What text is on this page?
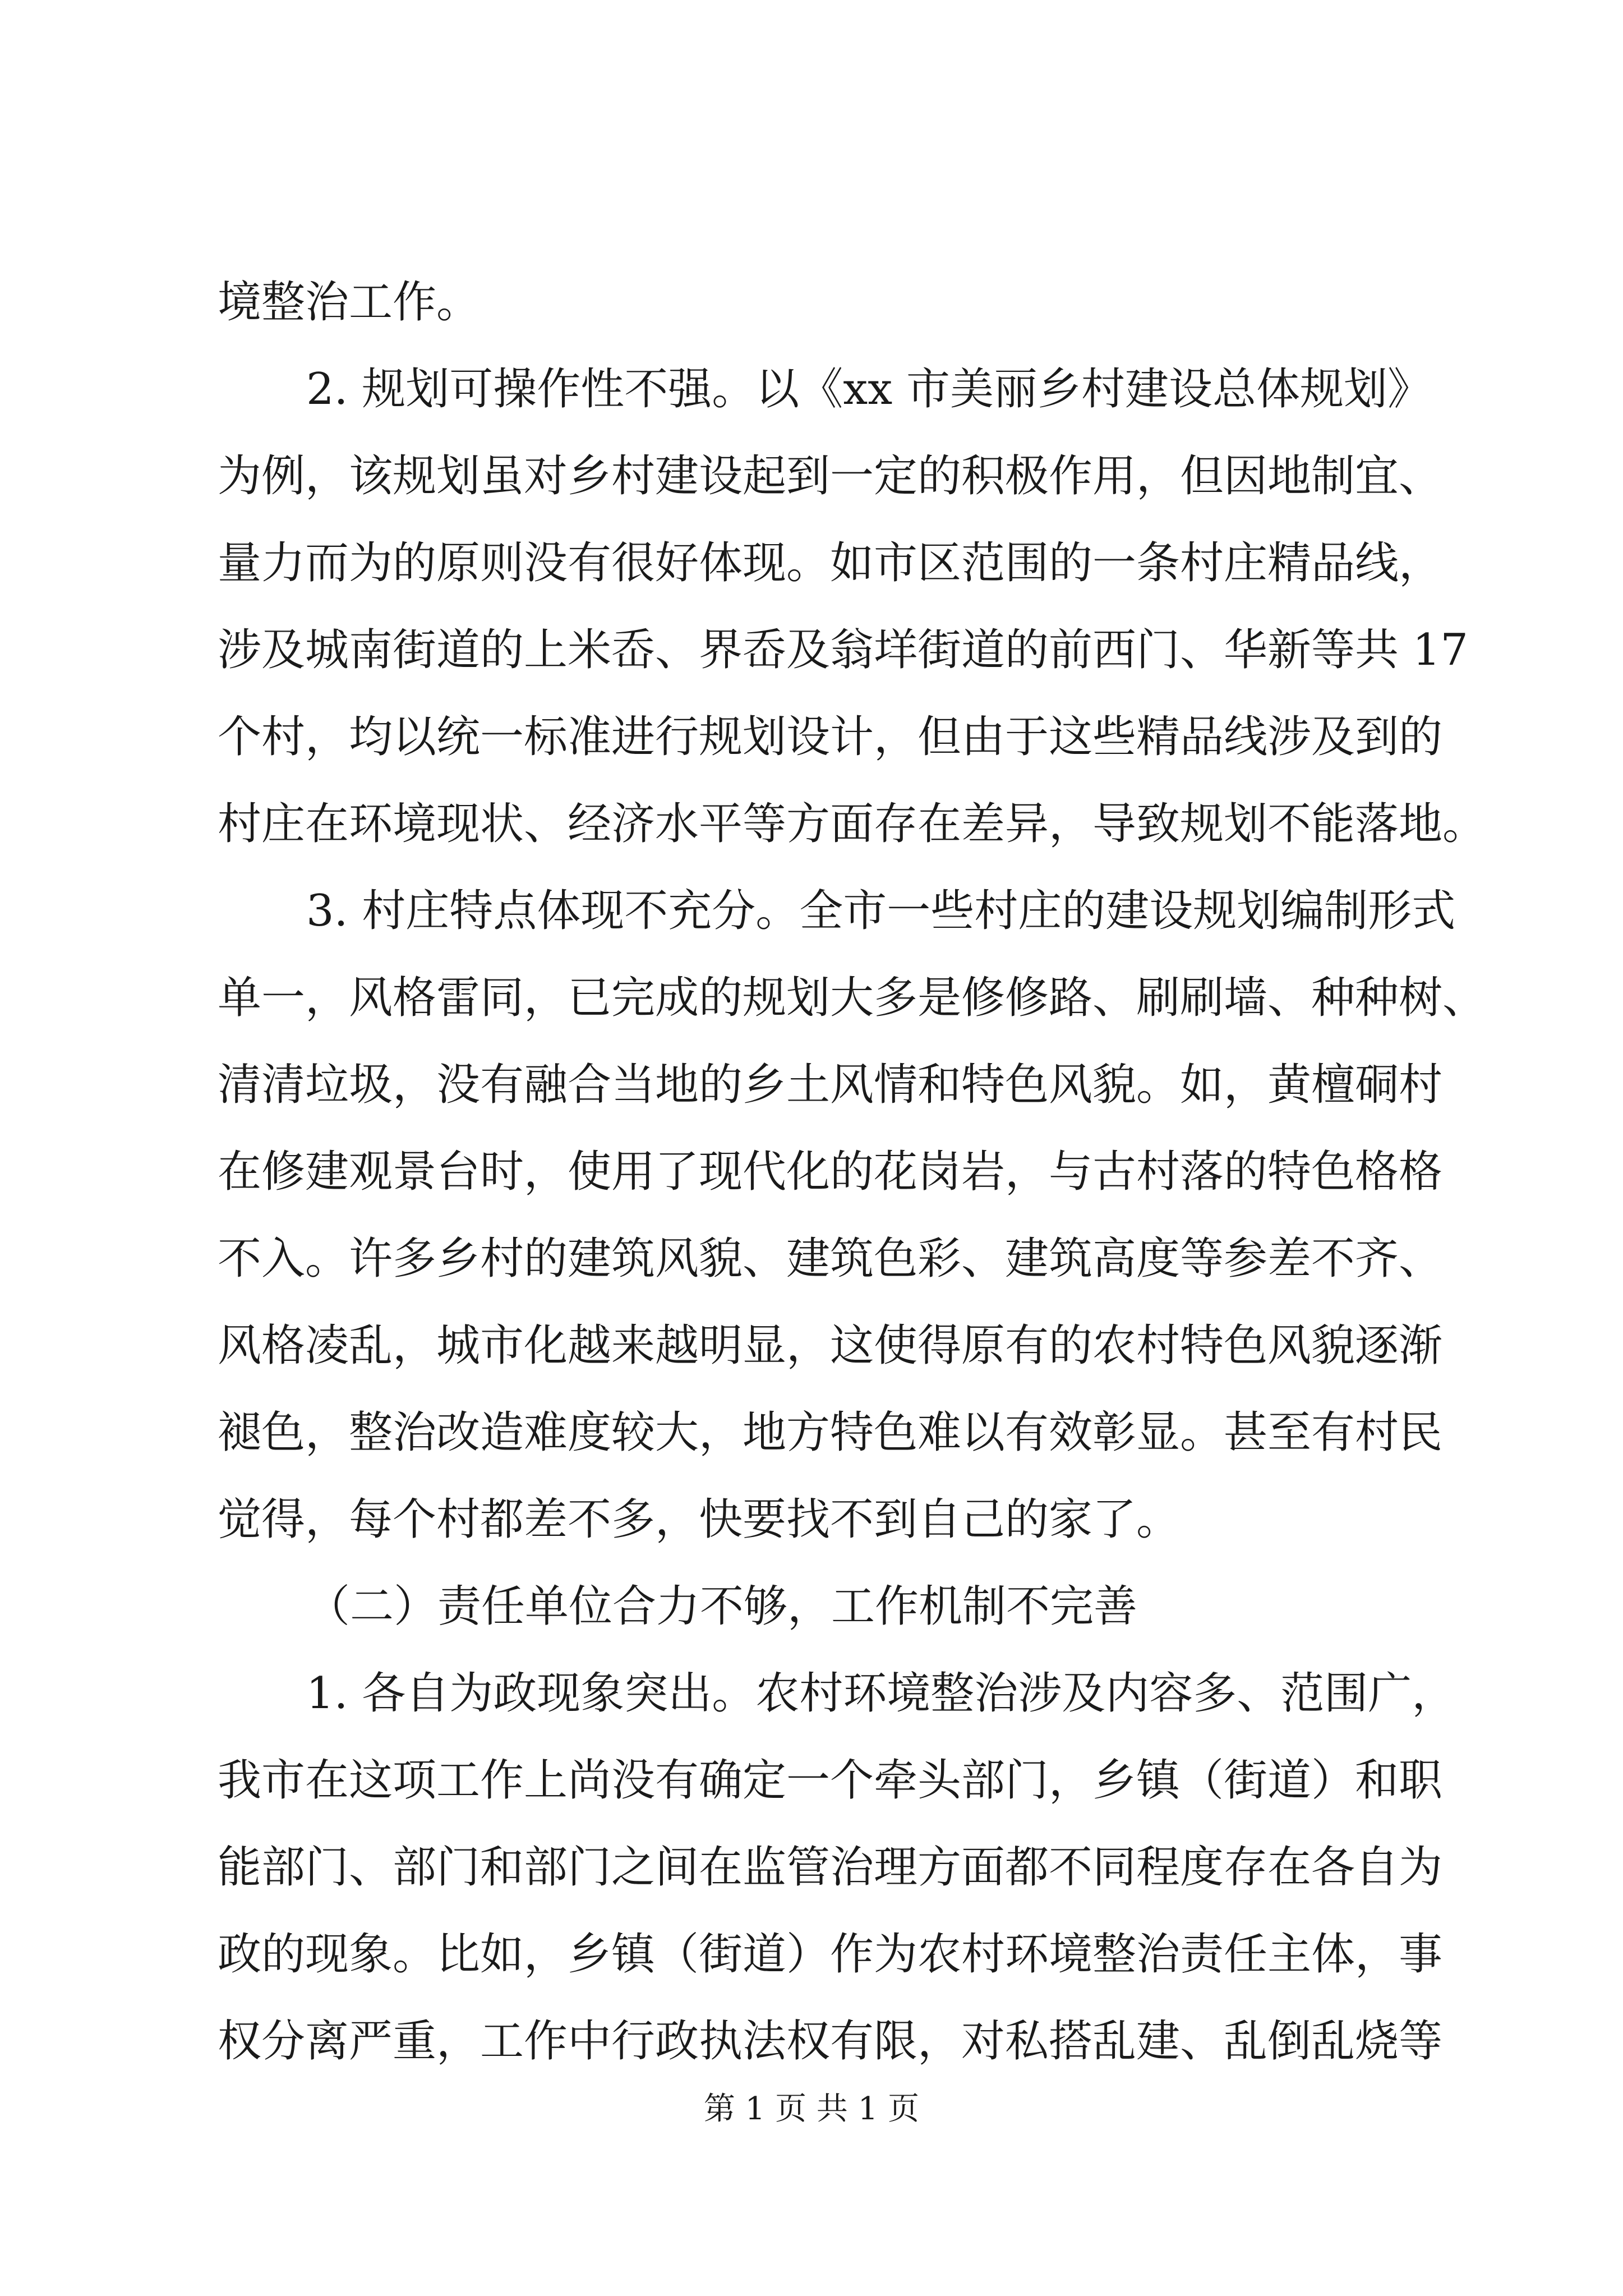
境整治工作。
2. 规划可操作性不强。以《xx 市美丽乡村建设总体规划》
为例，该规划虽对乡村建设起到一定的积极作用，但因地制宜、
量力而为的原则没有很好体现。如市区范围的一条村庄精品线，
涉及城南街道的上米岙、界岙及翁垟街道的前西门、华新等共 17
个村，均以统一标准进行规划设计，但由于这些精品线涉及到的
村庄在环境现状、经济水平等方面存在差异，导致规划不能落地。
3. 村庄特点体现不充分。全市一些村庄的建设规划编制形式
单一，风格雷同，已完成的规划大多是修修路、刷刷墙、种种树、
清清垃圾，没有融合当地的乡土风情和特色风貌。如，黄檀硐村
在修建观景台时，使用了现代化的花岗岩，与古村落的特色格格
不入。许多乡村的建筑风貌、建筑色彩、建筑高度等参差不齐、
风格凌乱，城市化越来越明显，这使得原有的农村特色风貌逐渐
褪色，整治改造难度较大，地方特色难以有效彰显。甚至有村民
觉得，每个村都差不多，快要找不到自己的家了。
（二）责任单位合力不够，工作机制不完善
1. 各自为政现象突出。农村环境整治涉及内容多、范围广，
我市在这项工作上尚没有确定一个牵头部门，乡镇（街道）和职
能部门、部门和部门之间在监管治理方面都不同程度存在各自为
政的现象。比如，乡镇（街道）作为农村环境整治责任主体，事
权分离严重，工作中行政执法权有限，对私搭乱建、乱倒乱烧等
第 1 页 共 1 页
